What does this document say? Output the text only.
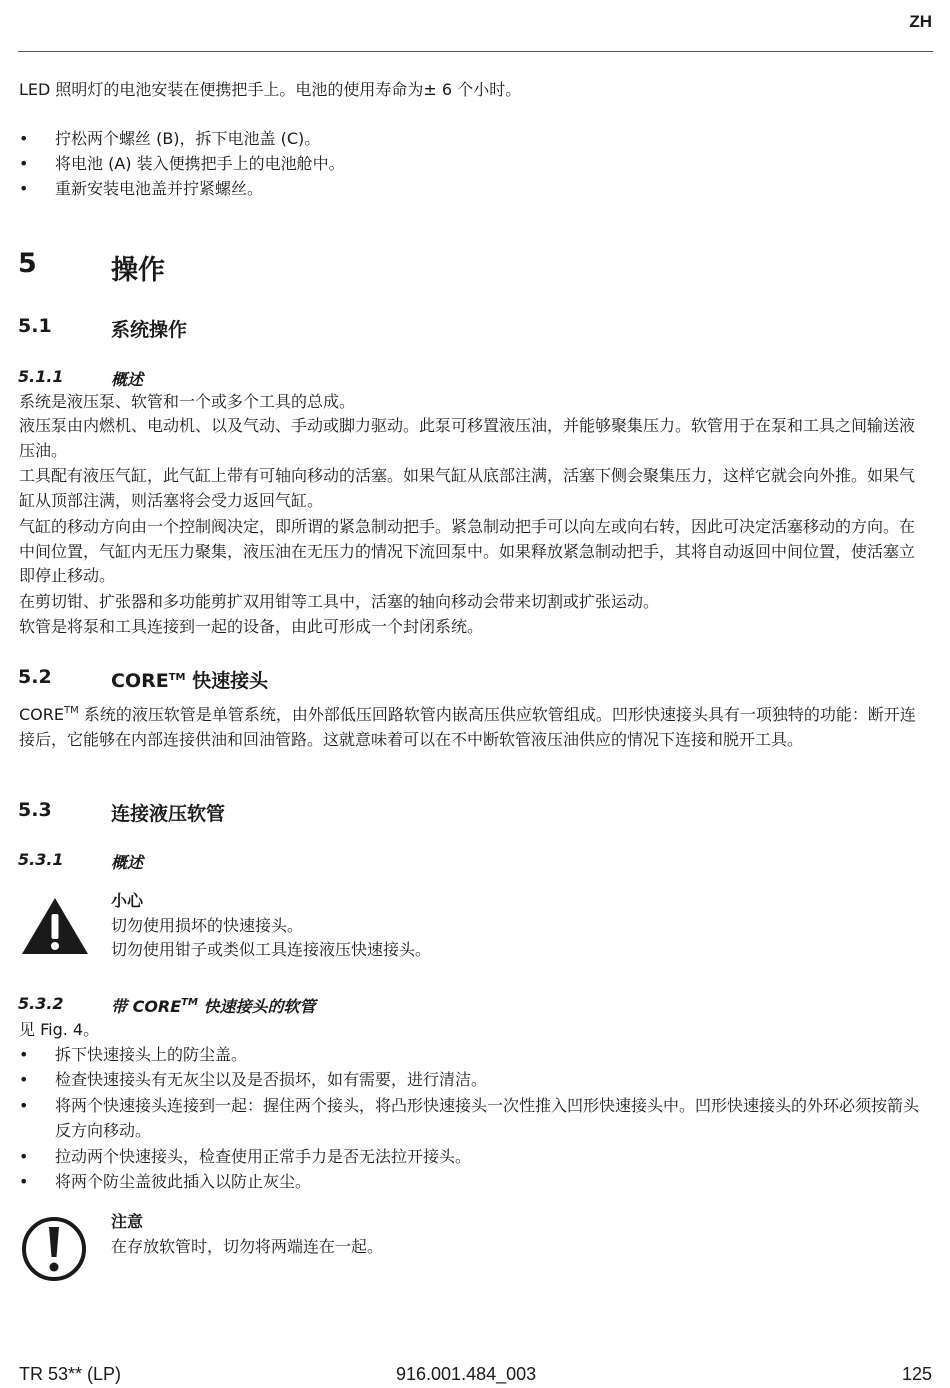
ZH
LED 照明灯的电池安装在便携把手上。电池的使用寿命为± 6 个小时。
• 拧松两个螺丝 (B)，拆下电池盖 (C)。
• 将电池 (A) 装入便携把手上的电池舱中。
• 重新安装电池盖并拧紧螺丝。
5	操作
5.1	系统操作
5.1.1	概述
系统是液压泵、软管和一个或多个工具的总成。
液压泵由内燃机、电动机、以及气动、手动或脚力驱动。此泵可移置液压油，并能够聚集压力。软管用于在泵和工具之间输送液压油。
工具配有液压气缸，此气缸上带有可轴向移动的活塞。如果气缸从底部注满，活塞下侧会聚集压力，这样它就会向外推。如果气缸从顶部注满，则活塞将会受力返回气缸。
气缸的移动方向由一个控制阀决定，即所谓的紧急制动把手。紧急制动把手可以向左或向右转，因此可决定活塞移动的方向。在中间位置，气缸内无压力聚集，液压油在无压力的情况下流回泵中。如果释放紧急制动把手，其将自动返回中间位置，使活塞立即停止移动。
在剪切钳、扩张器和多功能剪扩双用钳等工具中，活塞的轴向移动会带来切割或扩张运动。
软管是将泵和工具连接到一起的设备，由此可形成一个封闭系统。
5.2	CORE™ 快速接头
CORE™ 系统的液压软管是单管系统，由外部低压回路软管内嵌高压供应软管组成。凹形快速接头具有一项独特的功能：断开连接后，它能够在内部连接供油和回油管路。这就意味着可以在不中断软管液压油供应的情况下连接和脱开工具。
5.3	连接液压软管
5.3.1	概述
小心
切勿使用损坏的快速接头。
切勿使用钳子或类似工具连接液压快速接头。
5.3.2	带 CORE™ 快速接头的软管
见 Fig. 4。
• 拆下快速接头上的防尘盖。
• 检查快速接头有无灰尘以及是否损坏，如有需要，进行清洁。
• 将两个快速接头连接到一起：握住两个接头，将凸形快速接头一次性推入凹形快速接头中。凹形快速接头的外环必须按箭头反方向移动。
• 拉动两个快速接头，检查使用正常手力是否无法拉开接头。
• 将两个防尘盖彼此插入以防止灰尘。
注意
在存放软管时，切勿将两端连在一起。
TR 53** (LP)	916.001.484_003	125
